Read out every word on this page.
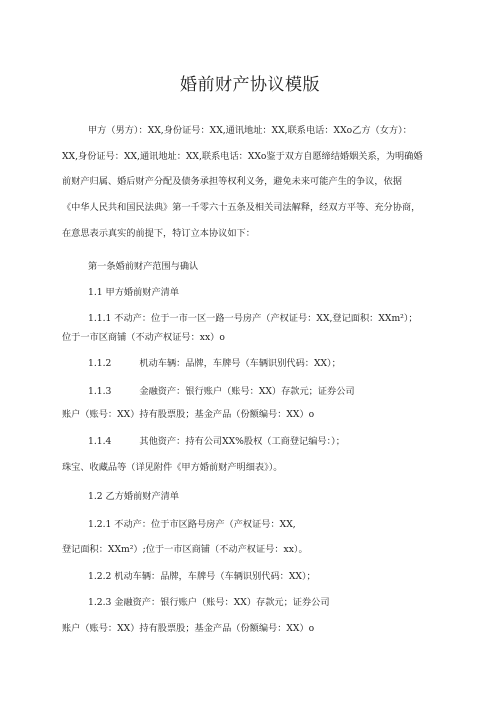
婚前财产协议模版
甲方（男方）：XX,身份证号：XX,通讯地址：XX,联系电话：XXo乙方（女方）：
XX,身份证号：XX,通讯地址：XX,联系电话：XXo鉴于双方自愿缔结婚姻关系，为明确婚
前财产归属、婚后财产分配及债务承担等权利义务，避免未来可能产生的争议，依据
《中华人民共和国民法典》第一千零六十五条及相关司法解释，经双方平等、充分协商，
在意思表示真实的前提下，特订立本协议如下：
第一条婚前财产范围与确认
1.1 甲方婚前财产清单
1.1.1 不动产：位于一市一区一路一号房产（产权证号：XX,登记面积：XXm²）；
位于一市区商铺（不动产权证号：xx）o
1.1.2	机动车辆：品牌，车牌号（车辆识别代码：XX）；
1.1.3	金融资产：银行账户（账号：XX）存款元；证券公司
账户（账号：XX）持有股票股；基金产品（份额编号：XX）o
1.1.4	其他资产：持有公司XX%股权（工商登记编号：）；
珠宝、收藏品等（详见附件《甲方婚前财产明细表》）。
1.2 乙方婚前财产清单
1.2.1 不动产：位于市区路号房产（产权证号：XX,
登记面积：XXm²）;位于一市区商铺（不动产权证号：xx）。
1.2.2 机动车辆：品牌，车牌号（车辆识别代码：XX）；
1.2.3 金融资产：银行账户（账号：XX）存款元；证券公司
账户（账号：XX）持有股票股；基金产品（份额编号：XX）o
